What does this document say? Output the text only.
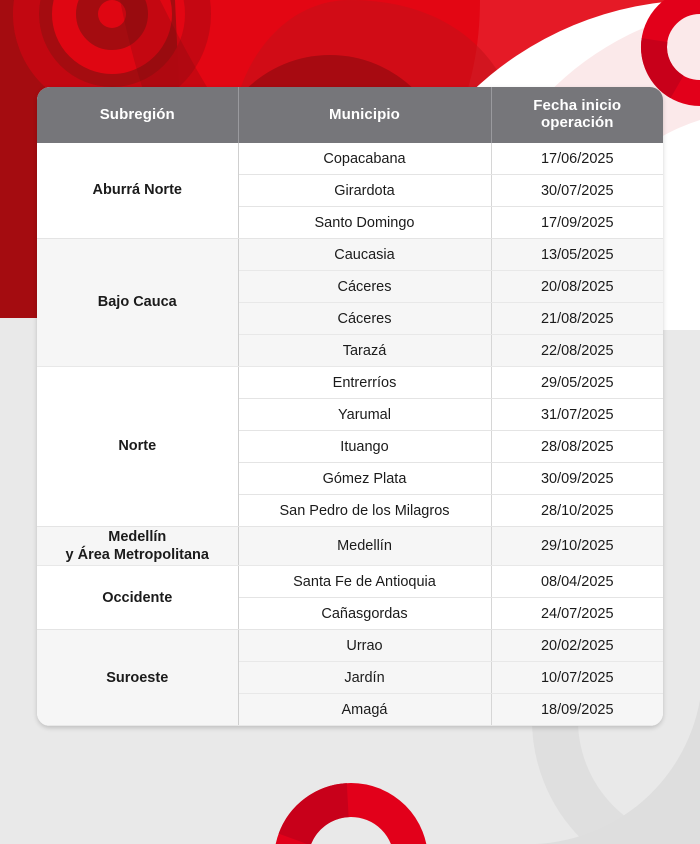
Subregión	Municipio	Fecha inicio
operación

Aburrá Norte	Copacabana	17/06/2025
	Girardota	30/07/2025
	Santo Domingo	17/09/2025

Bajo Cauca	Caucasia	13/05/2025
	Cáceres	20/08/2025
	Cáceres	21/08/2025
	Tarazá	22/08/2025

Norte	Entrerríos	29/05/2025
	Yarumal	31/07/2025
	Ituango	28/08/2025
	Gómez Plata	30/09/2025
	San Pedro de los Milagros	28/10/2025

Medellín
y Área Metropolitana	Medellín	29/10/2025

Occidente	Santa Fe de Antioquia	08/04/2025
	Cañasgordas	24/07/2025

Suroeste	Urrao	20/02/2025
	Jardín	10/07/2025
	Amagá	18/09/2025
